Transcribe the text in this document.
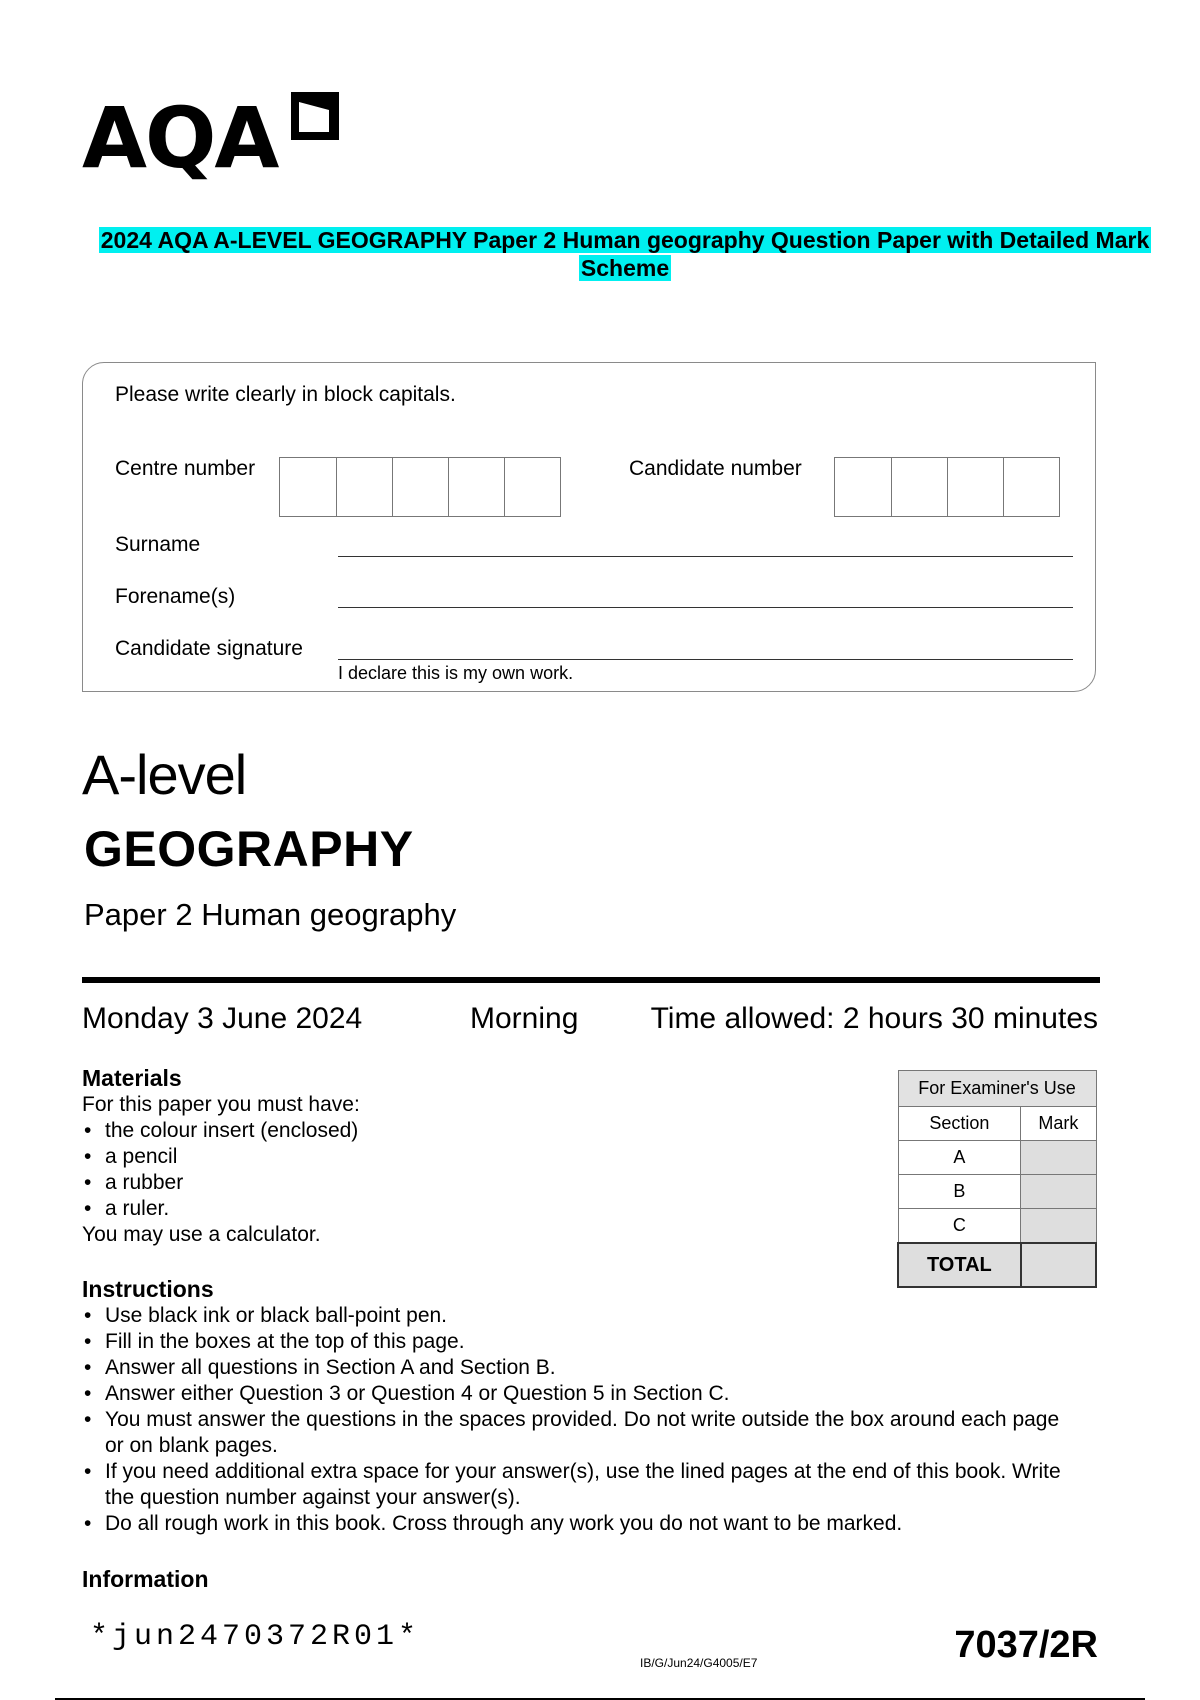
AQA
2024 AQA A-LEVEL GEOGRAPHY Paper 2 Human geography Question Paper with Detailed Mark Scheme
Please write clearly in block capitals.
Centre number	Candidate number
Surname
Forename(s)
Candidate signature
I declare this is my own work.
A-level
GEOGRAPHY
Paper 2 Human geography
Monday 3 June 2024	Morning Time allowed: 2 hours 30 minutes
Materials
For this paper you must have:
• the colour insert (enclosed)
• a pencil
• a rubber
• a ruler.
You may use a calculator.
Instructions
• Use black ink or black ball-point pen.
• Fill in the boxes at the top of this page.
• Answer all questions in Section A and Section B.
• Answer either Question 3 or Question 4 or Question 5 in Section C.
• You must answer the questions in the spaces provided. Do not write outside the box around each page or on blank pages.
• If you need additional extra space for your answer(s), use the lined pages at the end of this book. Write the question number against your answer(s).
• Do all rough work in this book. Cross through any work you do not want to be marked.
Information
For Examiner's Use	
Section	Mark
A	
B	
C	
TOTAL	
*jun2470372R01*
IB/G/Jun24/G4005/E7	7037/2R
